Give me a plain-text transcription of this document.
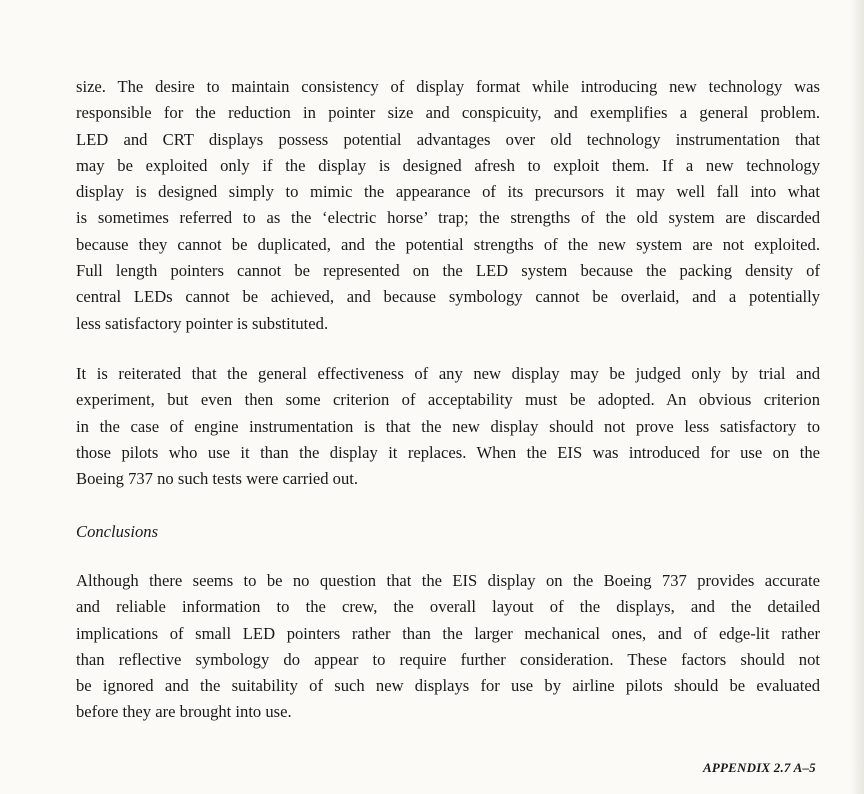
size. The desire to maintain consistency of display format while introducing new technology was
responsible for the reduction in pointer size and conspicuity, and exemplifies a general problem.
LED and CRT displays possess potential advantages over old technology instrumentation that
may be exploited only if the display is designed afresh to exploit them. If a new technology
display is designed simply to mimic the appearance of its precursors it may well fall into what
is sometimes referred to as the ‘electric horse’ trap; the strengths of the old system are discarded
because they cannot be duplicated, and the potential strengths of the new system are not exploited.
Full length pointers cannot be represented on the LED system because the packing density of
central LEDs cannot be achieved, and because symbology cannot be overlaid, and a potentially
less satisfactory pointer is substituted.
It is reiterated that the general effectiveness of any new display may be judged only by trial and
experiment, but even then some criterion of acceptability must be adopted. An obvious criterion
in the case of engine instrumentation is that the new display should not prove less satisfactory to
those pilots who use it than the display it replaces. When the EIS was introduced for use on the
Boeing 737 no such tests were carried out.
Conclusions
Although there seems to be no question that the EIS display on the Boeing 737 provides accurate
and reliable information to the crew, the overall layout of the displays, and the detailed
implications of small LED pointers rather than the larger mechanical ones, and of edge-lit rather
than reflective symbology do appear to require further consideration. These factors should not
be ignored and the suitability of such new displays for use by airline pilots should be evaluated
before they are brought into use.
APPENDIX 2.7 A–5
